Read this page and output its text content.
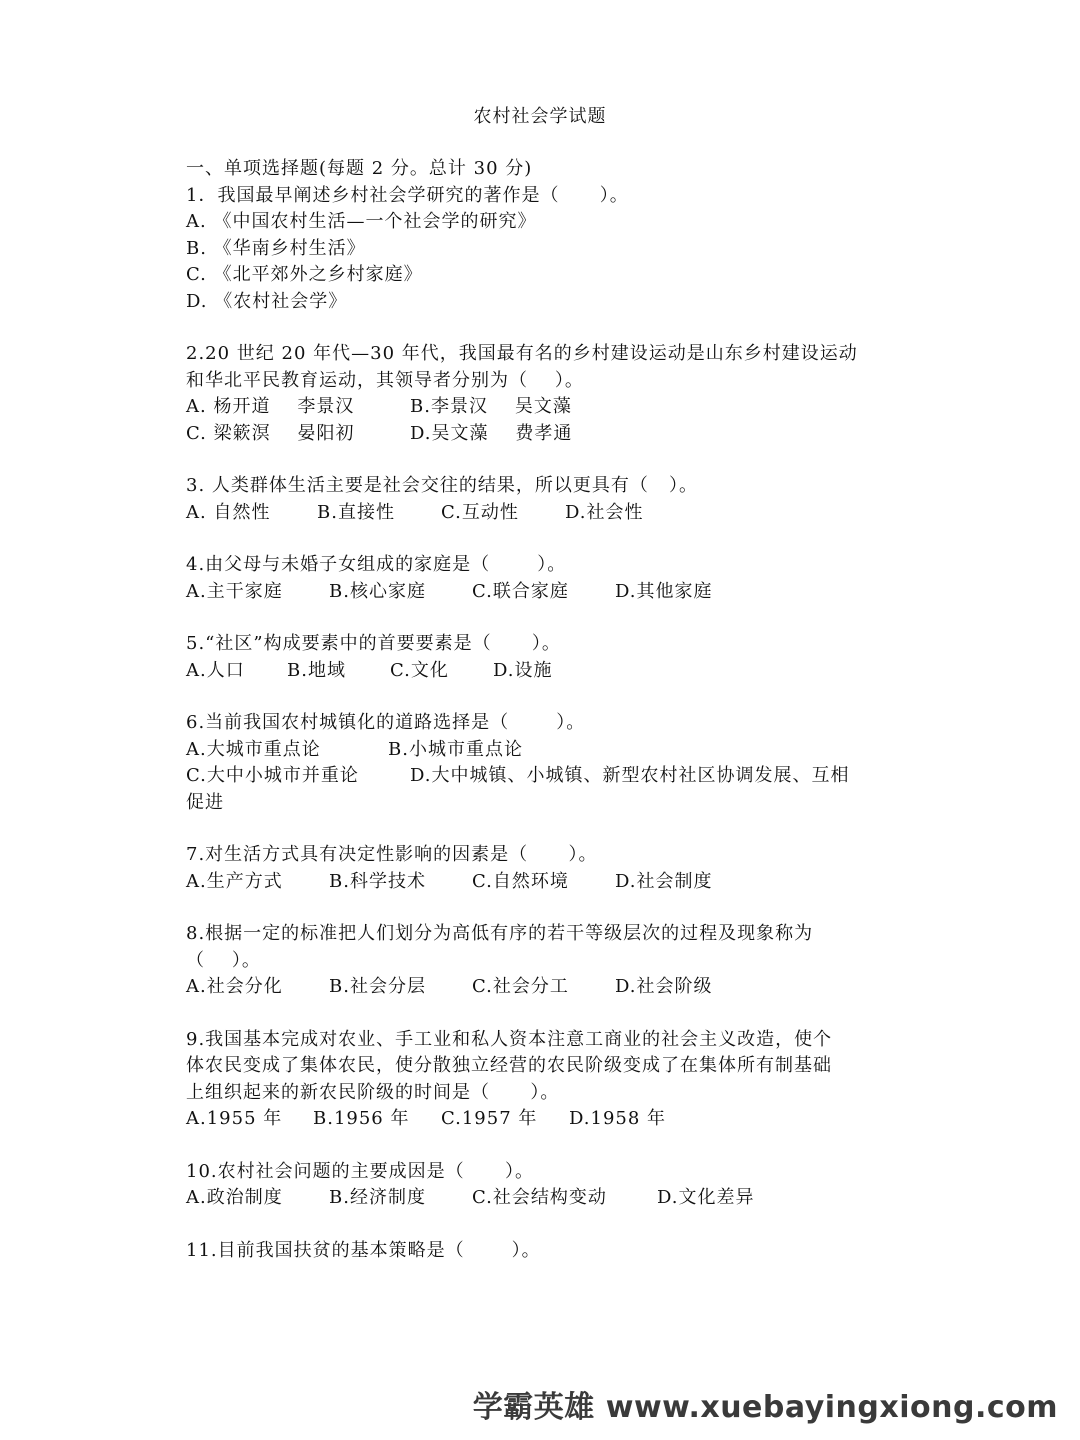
农村社会学试题
一、单项选择题(每题 2 分。总计 30 分)
1．我国最早阐述乡村社会学研究的著作是（      ）。
A. 《中国农村生活—一个社会学的研究》
B. 《华南乡村生活》
C. 《北平郊外之乡村家庭》
D. 《农村社会学》
2.20 世纪 20 年代—30 年代，我国最有名的乡村建设运动是山东乡村建设运动
和华北平民教育运动，其领导者分别为（    ）。
A. 杨开道    李景汉	B.李景汉    吴文藻
C. 梁簌溟    晏阳初	D.吴文藻    费孝通
3. 人类群体生活主要是社会交往的结果，所以更具有（   ）。
A. 自然性	B.直接性	C.互动性	D.社会性
4.由父母与未婚子女组成的家庭是（       ）。
A.主干家庭	B.核心家庭	C.联合家庭	D.其他家庭
5.“社区”构成要素中的首要要素是（      ）。
A.人口	B.地域	C.文化	D.设施
6.当前我国农村城镇化的道路选择是（       ）。
A.大城市重点论	B.小城市重点论
C.大中小城市并重论	D.大中城镇、小城镇、新型农村社区协调发展、互相
促进
7.对生活方式具有决定性影响的因素是（      ）。
A.生产方式	B.科学技术	C.自然环境	D.社会制度
8.根据一定的标准把人们划分为高低有序的若干等级层次的过程及现象称为
（    ）。
A.社会分化	B.社会分层	C.社会分工	D.社会阶级
9.我国基本完成对农业、手工业和私人资本注意工商业的社会主义改造，使个
体农民变成了集体农民，使分散独立经营的农民阶级变成了在集体所有制基础
上组织起来的新农民阶级的时间是（      ）。
A.1955 年	B.1956 年	C.1957 年	D.1958 年
10.农村社会问题的主要成因是（      ）。
A.政治制度	B.经济制度	C.社会结构变动	D.文化差异
11.目前我国扶贫的基本策略是（       ）。
学霸英雄 www.xuebayingxiong.com
